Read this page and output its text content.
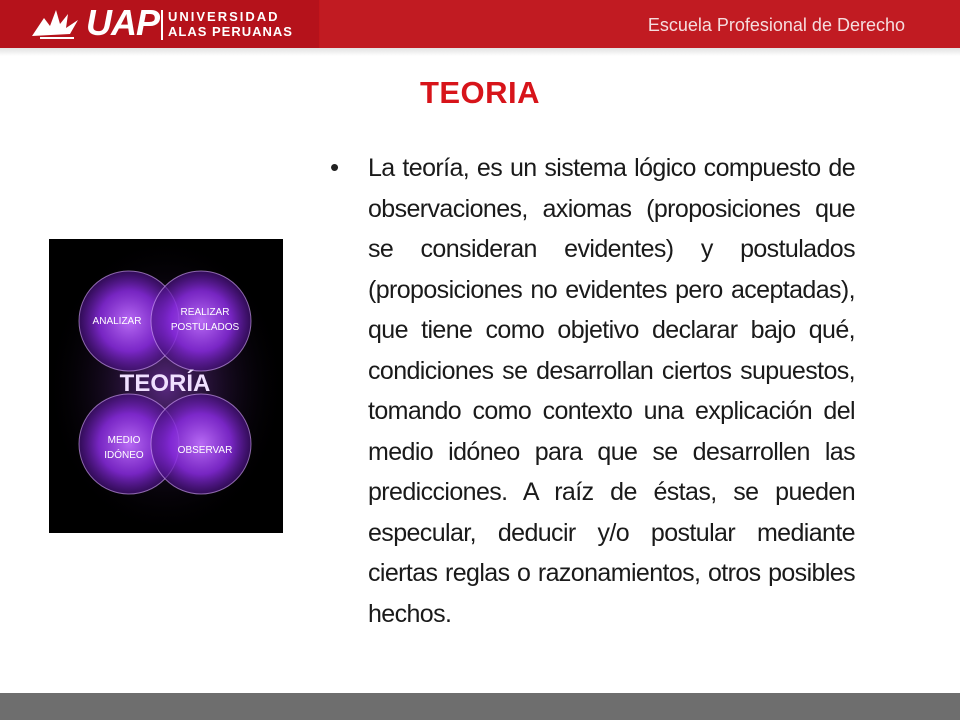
UAP UNIVERSIDAD
ALAS PERUANAS	Escuela Profesional de Derecho
TEORIA
ANALIZAR
REALIZAR
POSTULADOS
TEORÍA
MEDIO
IDÓNEO	OBSERVAR
• La teoría, es un sistema lógico compuesto de observaciones, axiomas (proposiciones que se consideran evidentes) y postulados (proposiciones no evidentes pero aceptadas), que tiene como objetivo declarar bajo qué, condiciones se desarrollan ciertos supuestos, tomando como contexto una explicación del medio idóneo para que se desarrollen las predicciones. A raíz de éstas, se pueden especular, deducir y/o postular mediante ciertas reglas o razonamientos, otros posibles hechos.
